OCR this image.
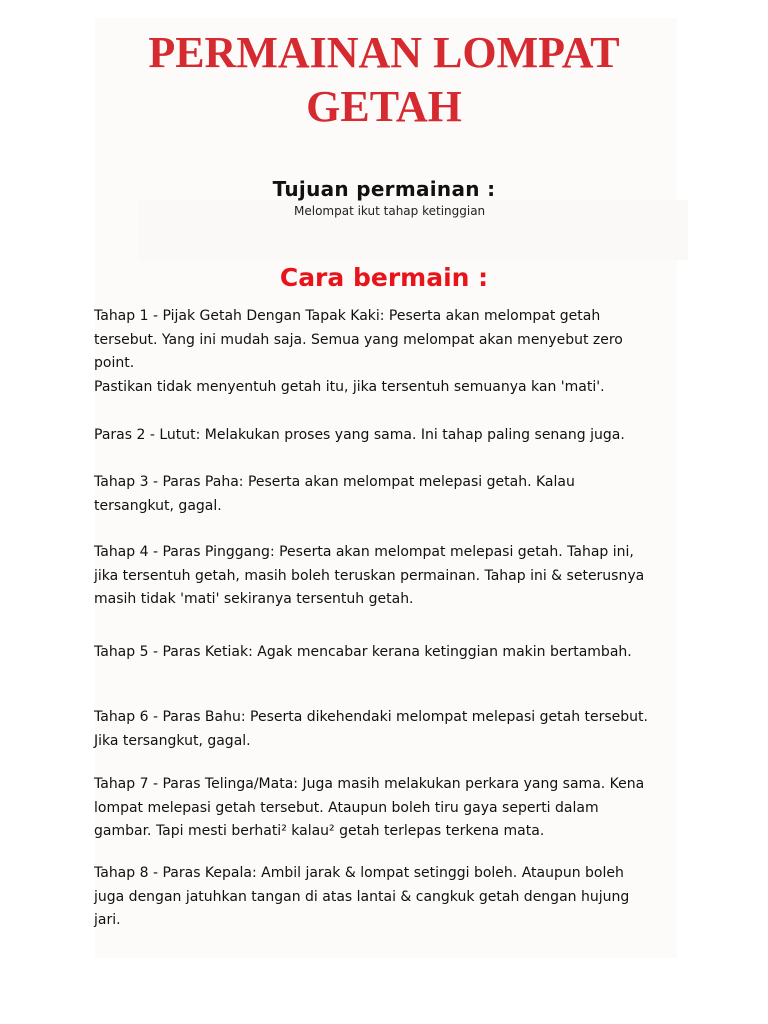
PERMAINAN LOMPAT
GETAH
Tujuan permainan :

Melompat ikut tahap ketinggian

Cara bermain :

Tahap 1 - Pijak Getah Dengan Tapak Kaki: Peserta akan melompat getah
tersebut. Yang ini mudah saja. Semua yang melompat akan menyebut zero
point.
Pastikan tidak menyentuh getah itu, jika tersentuh semuanya kan 'mati'.

Paras 2 - Lutut: Melakukan proses yang sama. Ini tahap paling senang juga.

Tahap 3 - Paras Paha: Peserta akan melompat melepasi getah. Kalau
tersangkut, gagal.

Tahap 4 - Paras Pinggang: Peserta akan melompat melepasi getah. Tahap ini,
jika tersentuh getah, masih boleh teruskan permainan. Tahap ini & seterusnya
masih tidak 'mati' sekiranya tersentuh getah.

Tahap 5 - Paras Ketiak: Agak mencabar kerana ketinggian makin bertambah.

Tahap 6 - Paras Bahu: Peserta dikehendaki melompat melepasi getah tersebut.
Jika tersangkut, gagal.

Tahap 7 - Paras Telinga/Mata: Juga masih melakukan perkara yang sama. Kena
lompat melepasi getah tersebut. Ataupun boleh tiru gaya seperti dalam
gambar. Tapi mesti berhati² kalau² getah terlepas terkena mata.

Tahap 8 - Paras Kepala: Ambil jarak & lompat setinggi boleh. Ataupun boleh
juga dengan jatuhkan tangan di atas lantai & cangkuk getah dengan hujung
jari.
